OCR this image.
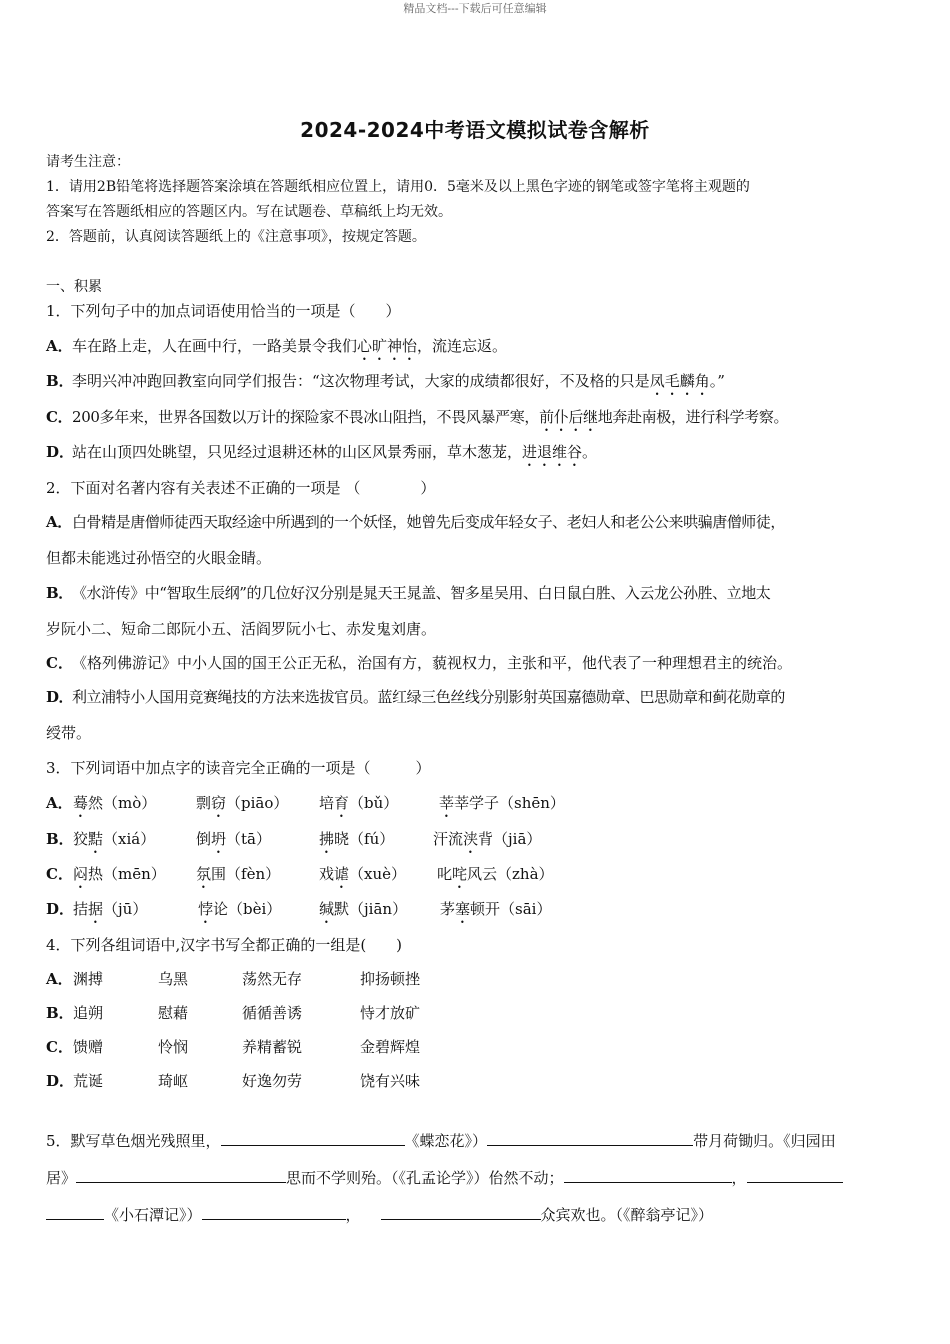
精品文档---下载后可任意编辑
2024-2024中考语文模拟试卷含解析
请考生注意：
1．请用2B铅笔将选择题答案涂填在答题纸相应位置上，请用0．5毫米及以上黑色字迹的钢笔或签字笔将主观题的
答案写在答题纸相应的答题区内。写在试题卷、草稿纸上均无效。
2．答题前，认真阅读答题纸上的《注意事项》，按规定答题。
一、积累
1．下列句子中的加点词语使用恰当的一项是（　　）
A．车在路上走，人在画中行，一路美景令我们心旷神怡，流连忘返。
B．李明兴冲冲跑回教室向同学们报告：“这次物理考试，大家的成绩都很好，不及格的只是凤毛麟角。”
C．200多年来，世界各国数以万计的探险家不畏冰山阻挡，不畏风暴严寒，前仆后继地奔赴南极，进行科学考察。
D．站在山顶四处眺望，只见经过退耕还林的山区风景秀丽，草木葱茏，进退维谷。
2．下面对名著内容有关表述不正确的一项是 （　　　　）
A．白骨精是唐僧师徒西天取经途中所遇到的一个妖怪，她曾先后变成年轻女子、老妇人和老公公来哄骗唐僧师徒，
但都未能逃过孙悟空的火眼金睛。
B．《水浒传》中“智取生辰纲”的几位好汉分别是晁天王晁盖、智多星吴用、白日鼠白胜、入云龙公孙胜、立地太
岁阮小二、短命二郎阮小五、活阎罗阮小七、赤发鬼刘唐。
C．《格列佛游记》中小人国的国王公正无私，治国有方，藐视权力，主张和平，他代表了一种理想君主的统治。
D．利立浦特小人国用竞赛绳技的方法来选拔官员。蓝红绿三色丝线分别影射英国嘉德勋章、巴思勋章和蓟花勋章的
绶带。
3．下列词语中加点字的读音完全正确的一项是（　　　）
A． 蓦然（mò）	剽窃（piāo） 培育（bǔ）	莘莘学子（shēn）
B． 狡黠（xiá）	倒坍（tā）	拂晓（fú）	汗流浃背（jiā）
C． 闷热（mēn） 氛围（fèn）	戏谑（xuè） 叱咤风云（zhà）
D．
拮据（jū）	悖论（bèi）	缄默（jiān） 茅塞顿开（sāi）
4．下列各组词语中,汉字书写全都正确的一组是(　　)
A． 渊搏	乌黑	荡然无存	抑扬顿挫
B． 追朔	慰藉	循循善诱	恃才放矿
C． 馈赠	怜悯	养精蓄锐	金碧辉煌
D．
荒诞	琦岖	好逸勿劳	饶有兴味
5．默写草色烟光残照里，	《蝶恋花》）	带月荷锄归。《归园田
居》	思而不学则殆。（《孔孟论学》）佁然不动；	，
《小石潭记》）	，	众宾欢也。（《醉翁亭记》）
